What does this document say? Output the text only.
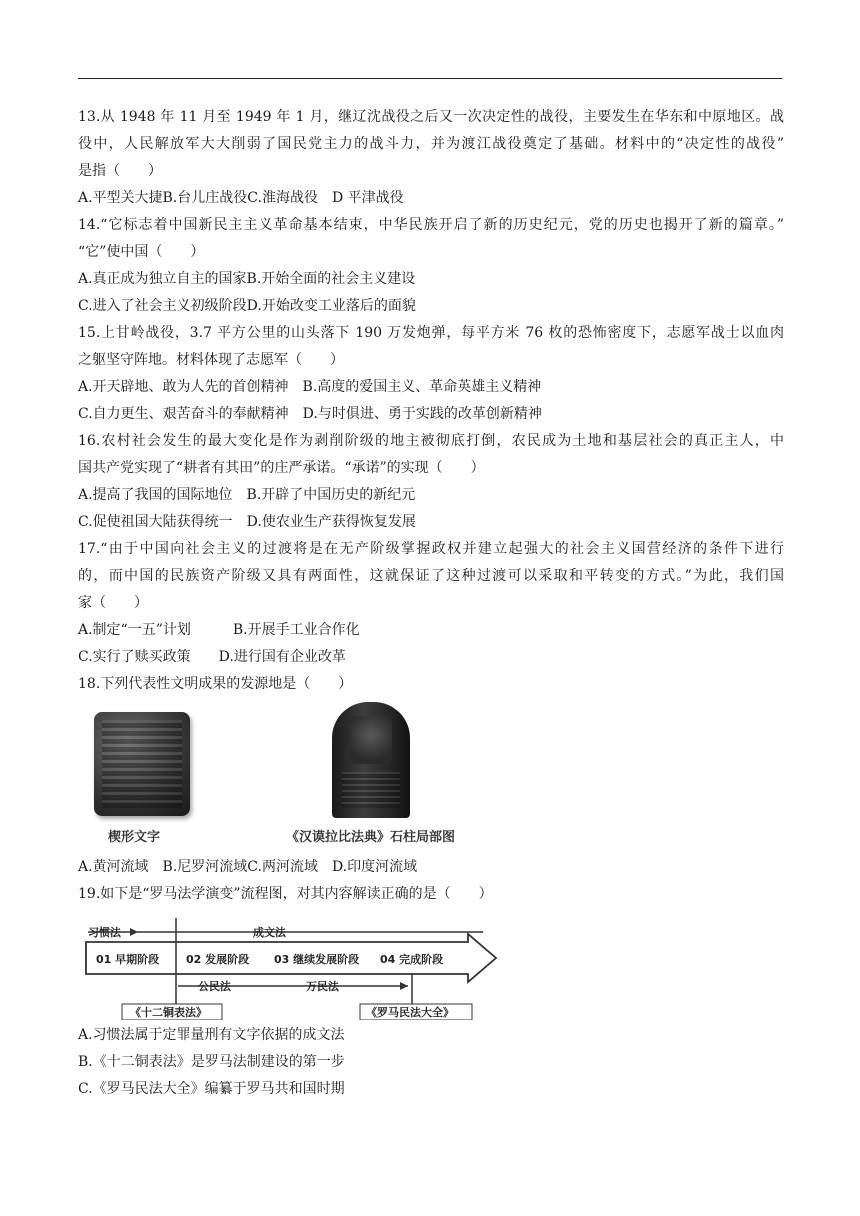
13.从 1948 年 11 月至 1949 年 1 月，继辽沈战役之后又一次决定性的战役，主要发生在华东和中原地区。战
役中，人民解放军大大削弱了国民党主力的战斗力，并为渡江战役奠定了基础。材料中的“决定性的战役”
是指（　　）
A.平型关大捷B.台儿庄战役C.淮海战役　D 平津战役
14.“它标志着中国新民主主义革命基本结束，中华民族开启了新的历史纪元，党的历史也揭开了新的篇章。”
“它”使中国（　　）
A.真正成为独立自主的国家B.开始全面的社会主义建设
C.进入了社会主义初级阶段D.开始改变工业落后的面貌
15.上甘岭战役，3.7 平方公里的山头落下 190 万发炮弹，每平方米 76 枚的恐怖密度下，志愿军战士以血肉
之躯坚守阵地。材料体现了志愿军（　　）
A.开天辟地、敢为人先的首创精神　B.高度的爱国主义、革命英雄主义精神
C.自力更生、艰苦奋斗的奉献精神　D.与时俱进、勇于实践的改革创新精神
16.农村社会发生的最大变化是作为剥削阶级的地主被彻底打倒，农民成为土地和基层社会的真正主人，中
国共产党实现了“耕者有其田”的庄严承诺。“承诺”的实现（　　）
A.提高了我国的国际地位　B.开辟了中国历史的新纪元
C.促使祖国大陆获得统一　D.使农业生产获得恢复发展
17.“由于中国向社会主义的过渡将是在无产阶级掌握政权并建立起强大的社会主义国营经济的条件下进行
的，而中国的民族资产阶级又具有两面性，这就保证了这种过渡可以采取和平转变的方式。”为此，我们国
家（　　）
A.制定“一五”计划　　　B.开展手工业合作化
C.实行了赎买政策　　D.进行国有企业改革
18.下列代表性文明成果的发源地是（　　）
楔形文字	《汉谟拉比法典》石柱局部图
A.黄河流域　B.尼罗河流域C.两河流域　D.印度河流域
19.如下是“罗马法学演变”流程图，对其内容解读正确的是（　　）
习惯法	成文法
01 早期阶段 02 发展阶段 03 继续发展阶段 04 完成阶段
公民法	万民法
《十二铜表法》	《罗马民法大全》
A.习惯法属于定罪量刑有文字依据的成文法
B.《十二铜表法》是罗马法制建设的第一步
C.《罗马民法大全》编纂于罗马共和国时期
